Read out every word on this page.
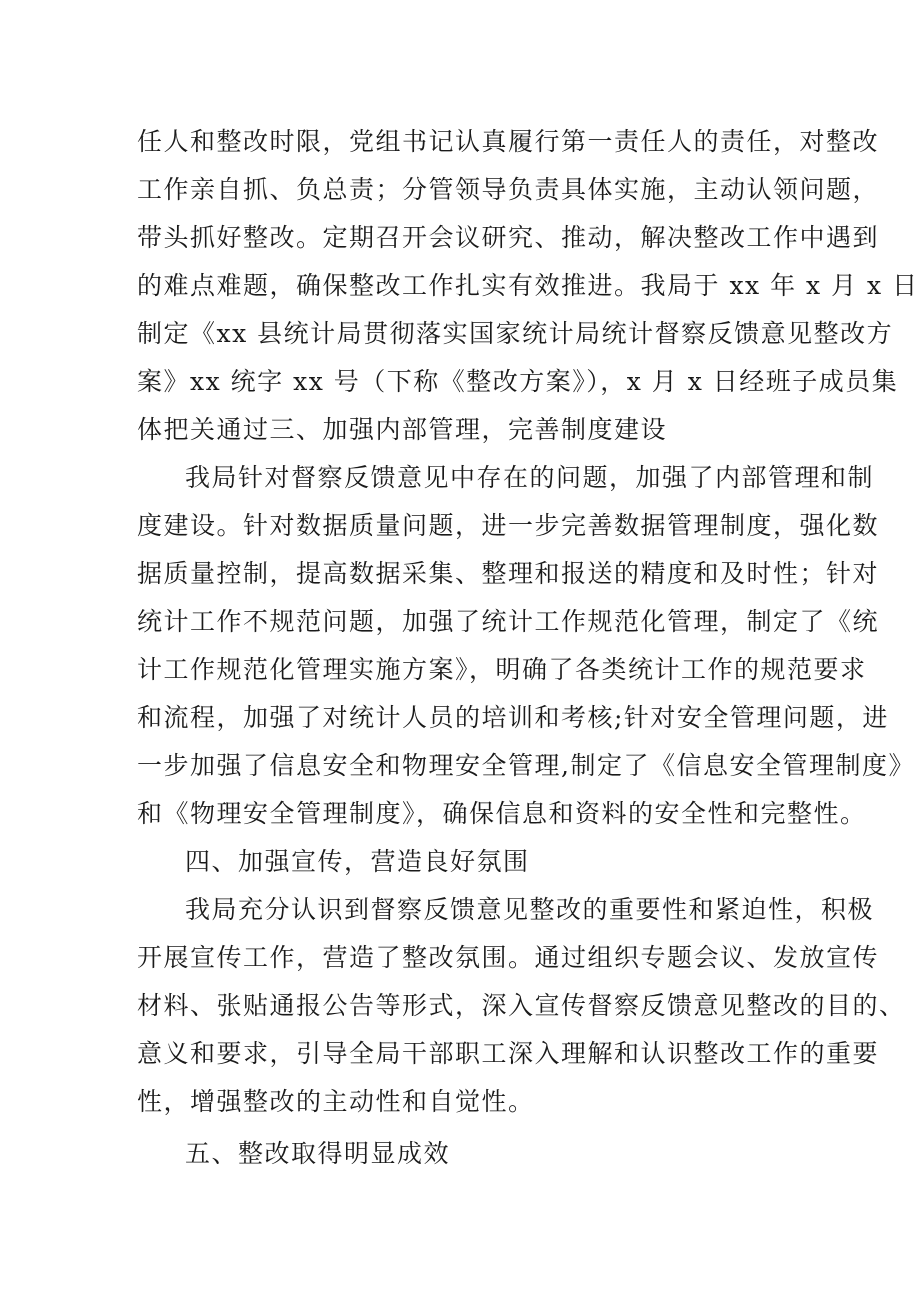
任人和整改时限，党组书记认真履行第一责任人的责任，对整改
工作亲自抓、负总责；分管领导负责具体实施，主动认领问题，
带头抓好整改。定期召开会议研究、推动，解决整改工作中遇到
的难点难题，确保整改工作扎实有效推进。我局于 xx 年 x 月 x 日
制定《xx 县统计局贯彻落实国家统计局统计督察反馈意见整改方
案》xx 统字 xx 号（下称《整改方案》），x 月 x 日经班子成员集
体把关通过三、加强内部管理，完善制度建设
我局针对督察反馈意见中存在的问题，加强了内部管理和制
度建设。针对数据质量问题，进一步完善数据管理制度，强化数
据质量控制，提高数据采集、整理和报送的精度和及时性；针对
统计工作不规范问题，加强了统计工作规范化管理，制定了《统
计工作规范化管理实施方案》，明确了各类统计工作的规范要求
和流程，加强了对统计人员的培训和考核;针对安全管理问题，进
一步加强了信息安全和物理安全管理,制定了《信息安全管理制度》
和《物理安全管理制度》，确保信息和资料的安全性和完整性。
四、加强宣传，营造良好氛围
我局充分认识到督察反馈意见整改的重要性和紧迫性，积极
开展宣传工作，营造了整改氛围。通过组织专题会议、发放宣传
材料、张贴通报公告等形式，深入宣传督察反馈意见整改的目的、
意义和要求，引导全局干部职工深入理解和认识整改工作的重要
性，增强整改的主动性和自觉性。
五、整改取得明显成效
